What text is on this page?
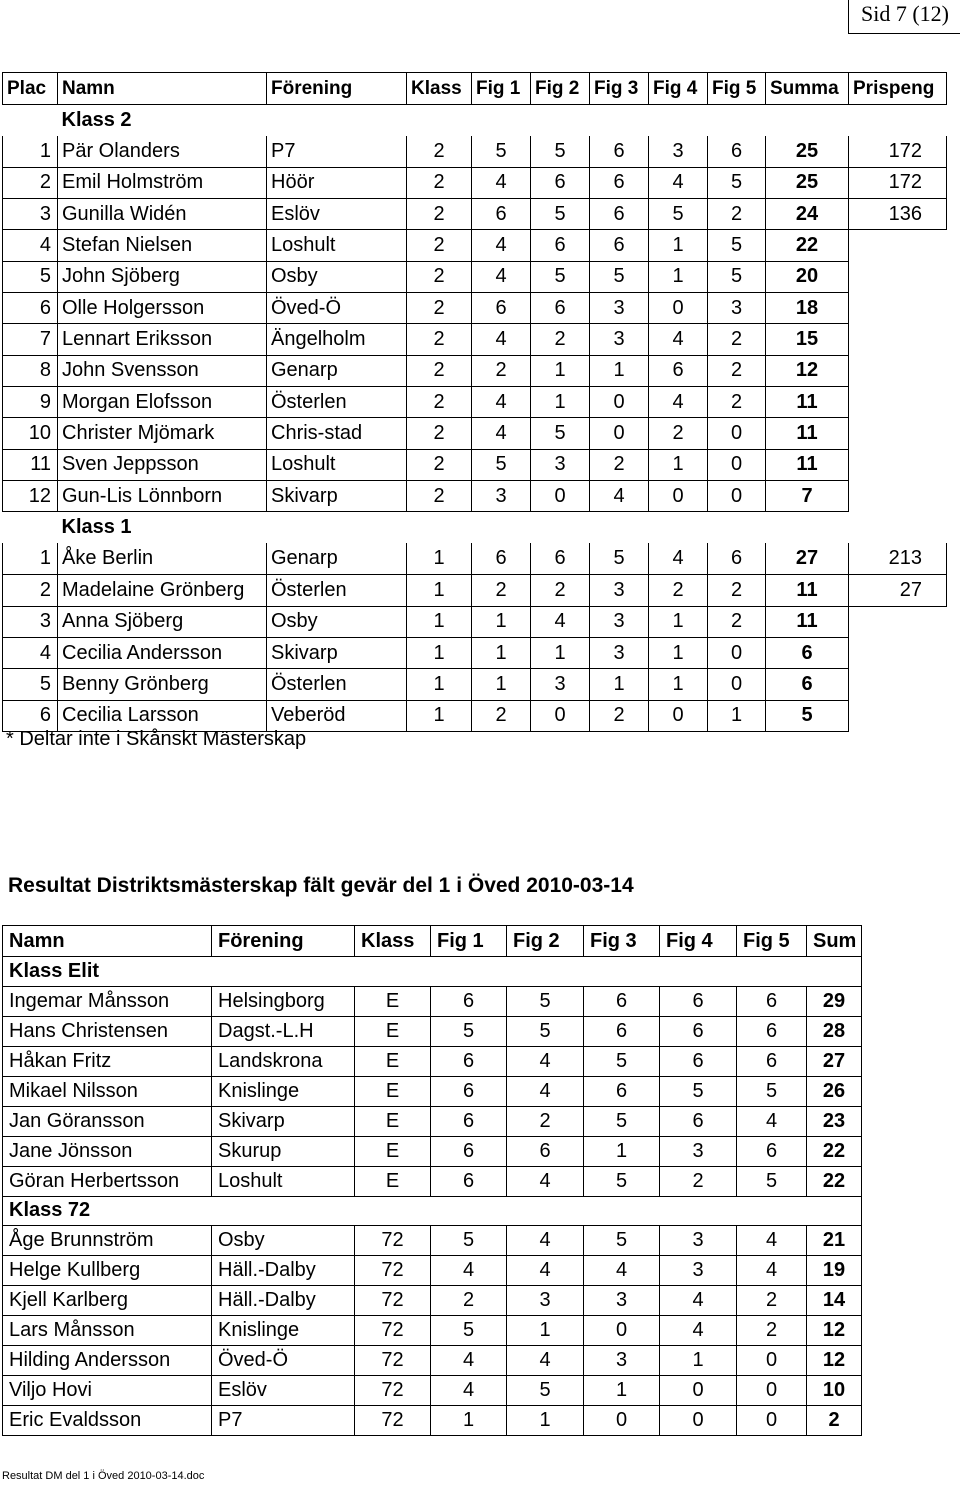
Sid 7 (12)
Plac	Namn	Förening	Klass	Fig 1	Fig 2	Fig 3	Fig 4	Fig 5	Summa	Prispeng
	Klass 2									
1	Pär Olanders	P7	2	5	5	6	3	6	25	172
2	Emil Holmström	Höör	2	4	6	6	4	5	25	172
3	Gunilla Widén	Eslöv	2	6	5	6	5	2	24	136
4	Stefan Nielsen	Loshult	2	4	6	6	1	5	22	
5	John Sjöberg	Osby	2	4	5	5	1	5	20	
6	Olle Holgersson	Öved-Ö	2	6	6	3	0	3	18	
7	Lennart Eriksson	Ängelholm	2	4	2	3	4	2	15	
8	John Svensson	Genarp	2	2	1	1	6	2	12	
9	Morgan Elofsson	Österlen	2	4	1	0	4	2	11	
10	Christer Mjömark	Chris-stad	2	4	5	0	2	0	11	
11	Sven Jeppsson	Loshult	2	5	3	2	1	0	11	
12	Gun-Lis Lönnborn	Skivarp	2	3	0	4	0	0	7	
	Klass 1									
1	Åke Berlin	Genarp	1	6	6	5	4	6	27	213
2	Madelaine Grönberg	Österlen	1	2	2	3	2	2	11	27
3	Anna Sjöberg	Osby	1	1	4	3	1	2	11	
4	Cecilia Andersson	Skivarp	1	1	1	3	1	0	6	
5	Benny Grönberg	Österlen	1	1	3	1	1	0	6	
6	Cecilia Larsson	Veberöd	1	2	0	2	0	1	5	
* Deltar inte i Skånskt Mästerskap
Resultat Distriktsmästerskap fält gevär del 1 i Öved 2010-03-14
Namn	Förening	Klass	Fig 1	Fig 2	Fig 3	Fig 4	Fig 5	Sum
Klass Elit								
Ingemar Månsson	Helsingborg	E	6	5	6	6	6	29
Hans Christensen	Dagst.-L.H	E	5	5	6	6	6	28
Håkan Fritz	Landskrona	E	6	4	5	6	6	27
Mikael Nilsson	Knislinge	E	6	4	6	5	5	26
Jan Göransson	Skivarp	E	6	2	5	6	4	23
Jane Jönsson	Skurup	E	6	6	1	3	6	22
Göran Herbertsson	Loshult	E	6	4	5	2	5	22
Klass 72								
Åge Brunnström	Osby	72	5	4	5	3	4	21
Helge Kullberg	Häll.-Dalby	72	4	4	4	3	4	19
Kjell Karlberg	Häll.-Dalby	72	2	3	3	4	2	14
Lars Månsson	Knislinge	72	5	1	0	4	2	12
Hilding Andersson	Öved-Ö	72	4	4	3	1	0	12
Viljo Hovi	Eslöv	72	4	5	1	0	0	10
Eric Evaldsson	P7	72	1	1	0	0	0	2
Resultat DM del 1 i Öved 2010-03-14.doc
